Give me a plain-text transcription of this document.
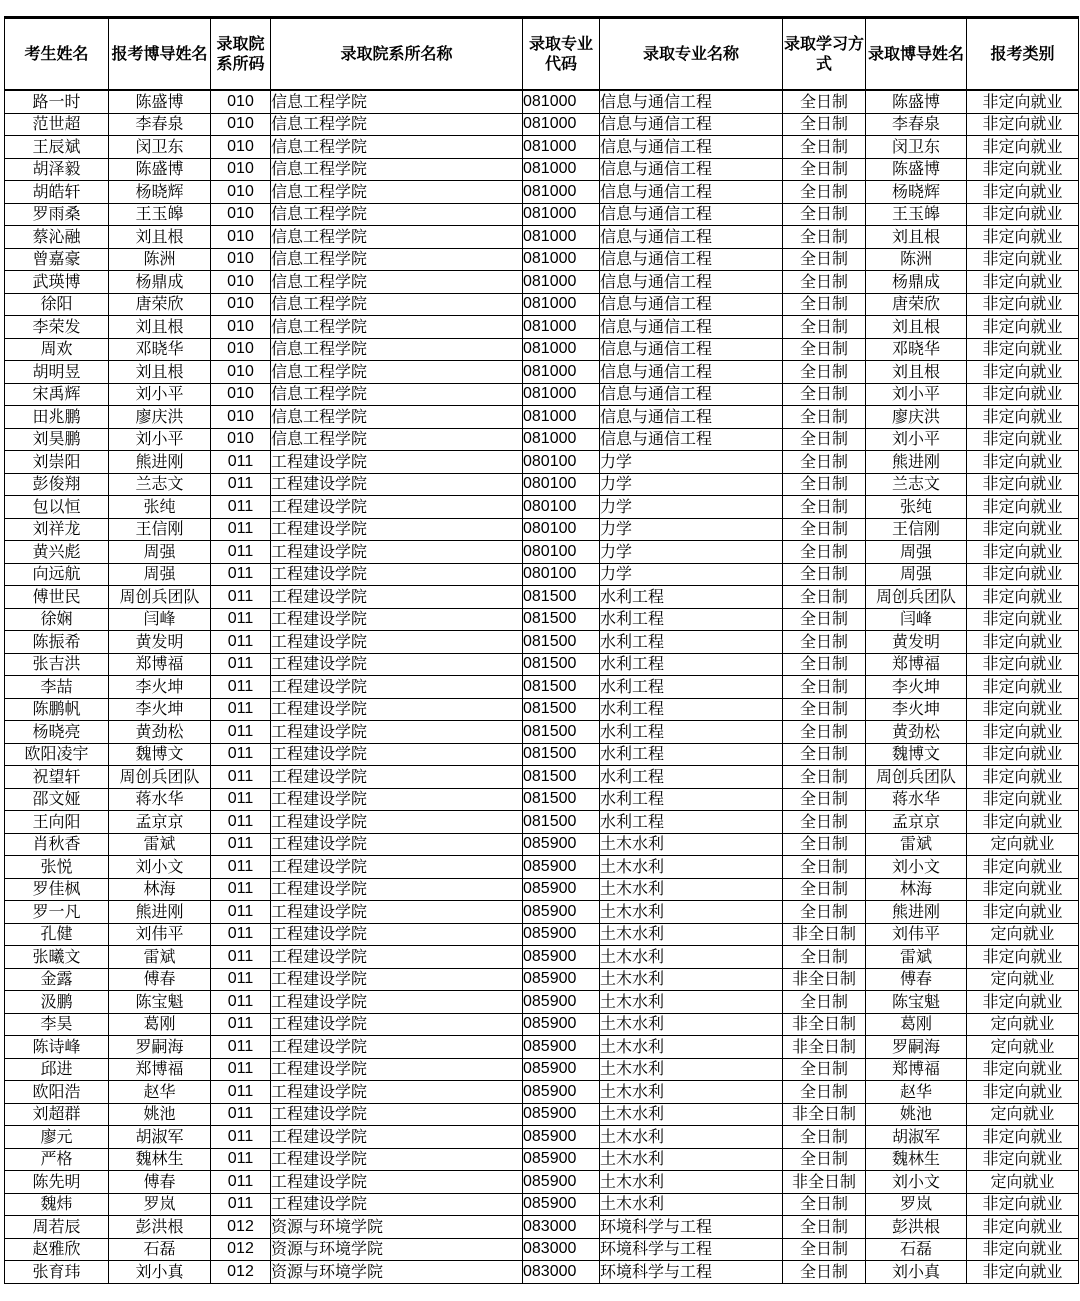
考生姓名	报考博导姓名	录取院系所码	录取院系所名称	录取专业代码	录取专业名称	录取学习方式	录取博导姓名	报考类别
路一时	陈盛博	010	信息工程学院	081000	信息与通信工程	全日制	陈盛博	非定向就业
范世超	李春泉	010	信息工程学院	081000	信息与通信工程	全日制	李春泉	非定向就业
王辰斌	闵卫东	010	信息工程学院	081000	信息与通信工程	全日制	闵卫东	非定向就业
胡泽毅	陈盛博	010	信息工程学院	081000	信息与通信工程	全日制	陈盛博	非定向就业
胡皓轩	杨晓辉	010	信息工程学院	081000	信息与通信工程	全日制	杨晓辉	非定向就业
罗雨桑	王玉皞	010	信息工程学院	081000	信息与通信工程	全日制	王玉皞	非定向就业
蔡沁融	刘且根	010	信息工程学院	081000	信息与通信工程	全日制	刘且根	非定向就业
曾嘉豪	陈洲	010	信息工程学院	081000	信息与通信工程	全日制	陈洲	非定向就业
武瑛博	杨鼎成	010	信息工程学院	081000	信息与通信工程	全日制	杨鼎成	非定向就业
徐阳	唐荣欣	010	信息工程学院	081000	信息与通信工程	全日制	唐荣欣	非定向就业
李荣发	刘且根	010	信息工程学院	081000	信息与通信工程	全日制	刘且根	非定向就业
周欢	邓晓华	010	信息工程学院	081000	信息与通信工程	全日制	邓晓华	非定向就业
胡明昱	刘且根	010	信息工程学院	081000	信息与通信工程	全日制	刘且根	非定向就业
宋禹辉	刘小平	010	信息工程学院	081000	信息与通信工程	全日制	刘小平	非定向就业
田兆鹏	廖庆洪	010	信息工程学院	081000	信息与通信工程	全日制	廖庆洪	非定向就业
刘昊鹏	刘小平	010	信息工程学院	081000	信息与通信工程	全日制	刘小平	非定向就业
刘崇阳	熊进刚	011	工程建设学院	080100	力学	全日制	熊进刚	非定向就业
彭俊翔	兰志文	011	工程建设学院	080100	力学	全日制	兰志文	非定向就业
包以恒	张纯	011	工程建设学院	080100	力学	全日制	张纯	非定向就业
刘祥龙	王信刚	011	工程建设学院	080100	力学	全日制	王信刚	非定向就业
黄兴彪	周强	011	工程建设学院	080100	力学	全日制	周强	非定向就业
向远航	周强	011	工程建设学院	080100	力学	全日制	周强	非定向就业
傅世民	周创兵团队	011	工程建设学院	081500	水利工程	全日制	周创兵团队	非定向就业
徐娴	闫峰	011	工程建设学院	081500	水利工程	全日制	闫峰	非定向就业
陈振希	黄发明	011	工程建设学院	081500	水利工程	全日制	黄发明	非定向就业
张吉洪	郑博福	011	工程建设学院	081500	水利工程	全日制	郑博福	非定向就业
李喆	李火坤	011	工程建设学院	081500	水利工程	全日制	李火坤	非定向就业
陈鹏帆	李火坤	011	工程建设学院	081500	水利工程	全日制	李火坤	非定向就业
杨晓亮	黄劲松	011	工程建设学院	081500	水利工程	全日制	黄劲松	非定向就业
欧阳凌宇	魏博文	011	工程建设学院	081500	水利工程	全日制	魏博文	非定向就业
祝望轩	周创兵团队	011	工程建设学院	081500	水利工程	全日制	周创兵团队	非定向就业
邵文娅	蒋水华	011	工程建设学院	081500	水利工程	全日制	蒋水华	非定向就业
王向阳	孟京京	011	工程建设学院	081500	水利工程	全日制	孟京京	非定向就业
肖秋香	雷斌	011	工程建设学院	085900	土木水利	全日制	雷斌	定向就业
张悦	刘小文	011	工程建设学院	085900	土木水利	全日制	刘小文	非定向就业
罗佳枫	林海	011	工程建设学院	085900	土木水利	全日制	林海	非定向就业
罗一凡	熊进刚	011	工程建设学院	085900	土木水利	全日制	熊进刚	非定向就业
孔健	刘伟平	011	工程建设学院	085900	土木水利	非全日制	刘伟平	定向就业
张曦文	雷斌	011	工程建设学院	085900	土木水利	全日制	雷斌	非定向就业
金露	傅春	011	工程建设学院	085900	土木水利	非全日制	傅春	定向就业
汲鹏	陈宝魁	011	工程建设学院	085900	土木水利	全日制	陈宝魁	非定向就业
李昊	葛刚	011	工程建设学院	085900	土木水利	非全日制	葛刚	定向就业
陈诗峰	罗嗣海	011	工程建设学院	085900	土木水利	非全日制	罗嗣海	定向就业
邱进	郑博福	011	工程建设学院	085900	土木水利	全日制	郑博福	非定向就业
欧阳浩	赵华	011	工程建设学院	085900	土木水利	全日制	赵华	非定向就业
刘超群	姚池	011	工程建设学院	085900	土木水利	非全日制	姚池	定向就业
廖元	胡淑军	011	工程建设学院	085900	土木水利	全日制	胡淑军	非定向就业
严格	魏林生	011	工程建设学院	085900	土木水利	全日制	魏林生	非定向就业
陈先明	傅春	011	工程建设学院	085900	土木水利	非全日制	刘小文	定向就业
魏炜	罗岚	011	工程建设学院	085900	土木水利	全日制	罗岚	非定向就业
周若辰	彭洪根	012	资源与环境学院	083000	环境科学与工程	全日制	彭洪根	非定向就业
赵雅欣	石磊	012	资源与环境学院	083000	环境科学与工程	全日制	石磊	非定向就业
张育玮	刘小真	012	资源与环境学院	083000	环境科学与工程	全日制	刘小真	非定向就业
